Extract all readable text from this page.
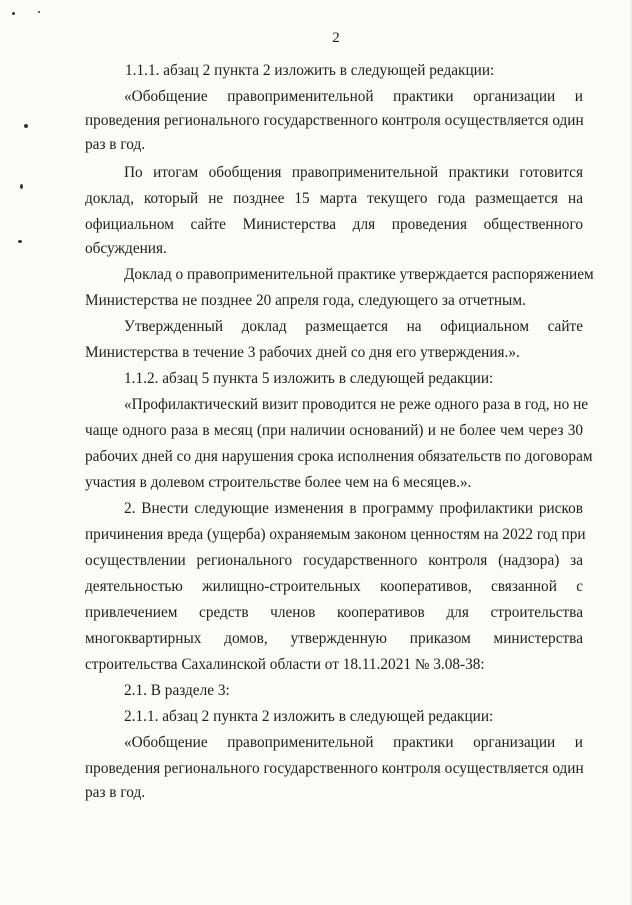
2
1.1.1. абзац 2 пункта 2 изложить в следующей редакции:
«Обобщение правоприменительной практики организации и
проведения регионального государственного контроля осуществляется один
раз в год.
По итогам обобщения правоприменительной практики готовится
доклад, который не позднее 15 марта текущего года размещается на
официальном сайте Министерства для проведения общественного
обсуждения.
Доклад о правоприменительной практике утверждается распоряжением
Министерства не позднее 20 апреля года, следующего за отчетным.
Утвержденный доклад размещается на официальном сайте
Министерства в течение 3 рабочих дней со дня его утверждения.».
1.1.2. абзац 5 пункта 5 изложить в следующей редакции:
«Профилактический визит проводится не реже одного раза в год, но не
чаще одного раза в месяц (при наличии оснований) и не более чем через 30
рабочих дней со дня нарушения срока исполнения обязательств по договорам
участия в долевом строительстве более чем на 6 месяцев.».
2. Внести следующие изменения в программу профилактики рисков
причинения вреда (ущерба) охраняемым законом ценностям на 2022 год при
осуществлении регионального государственного контроля (надзора) за
деятельностью жилищно-строительных кооперативов, связанной с
привлечением средств членов кооперативов для строительства
многоквартирных домов, утвержденную приказом министерства
строительства Сахалинской области от 18.11.2021 № 3.08-38:
2.1. В разделе 3:
2.1.1. абзац 2 пункта 2 изложить в следующей редакции:
«Обобщение правоприменительной практики организации и
проведения регионального государственного контроля осуществляется один
раз в год.
